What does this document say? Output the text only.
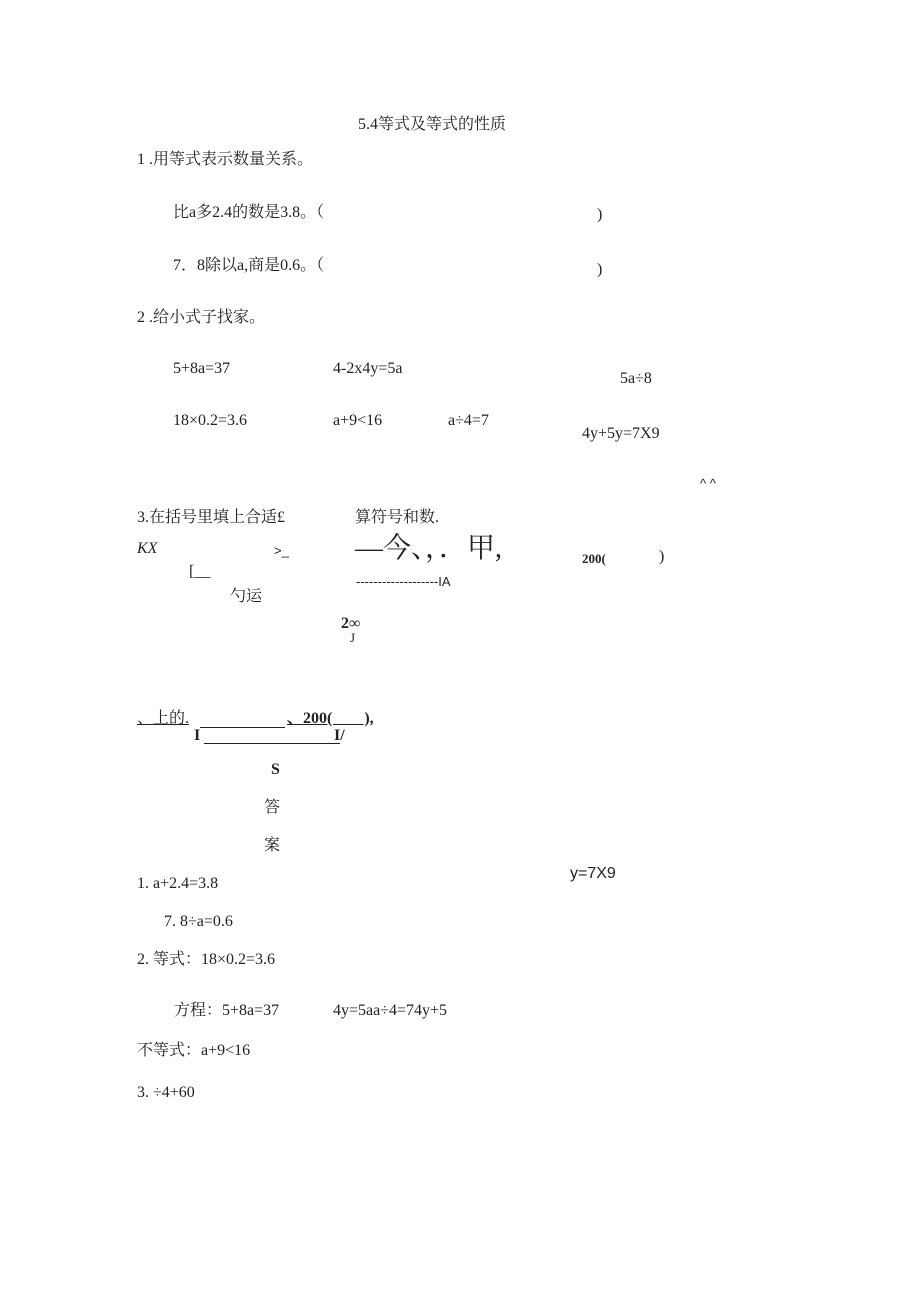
5.4等式及等式的性质
1 .用等式表示数量关系。
比a多2.4的数是3.8。（	)
7．8除以a,商是0.6。（	)
2 .给小式子找家。
5+8a=37	4-2x4y=5a
5a÷8
18×0.2=3.6	a+9<16	a÷4=7
4y+5y=7X9
^ ^
3.在括号里填上合适£	算符号和数.
KX	>_ —今、，．甲,	200(	)
[__
-------------------IA
勺运
2∞
J
、上的.	、200(　　),
I	I/
S
答
案
1. a+2.4=3.8
y=7X9
7. 8÷a=0.6
2. 等式：18×0.2=3.6
方程：5+8a=37	4y=5aa÷4=74y+5
不等式：a+9<16
3. ÷4+60
